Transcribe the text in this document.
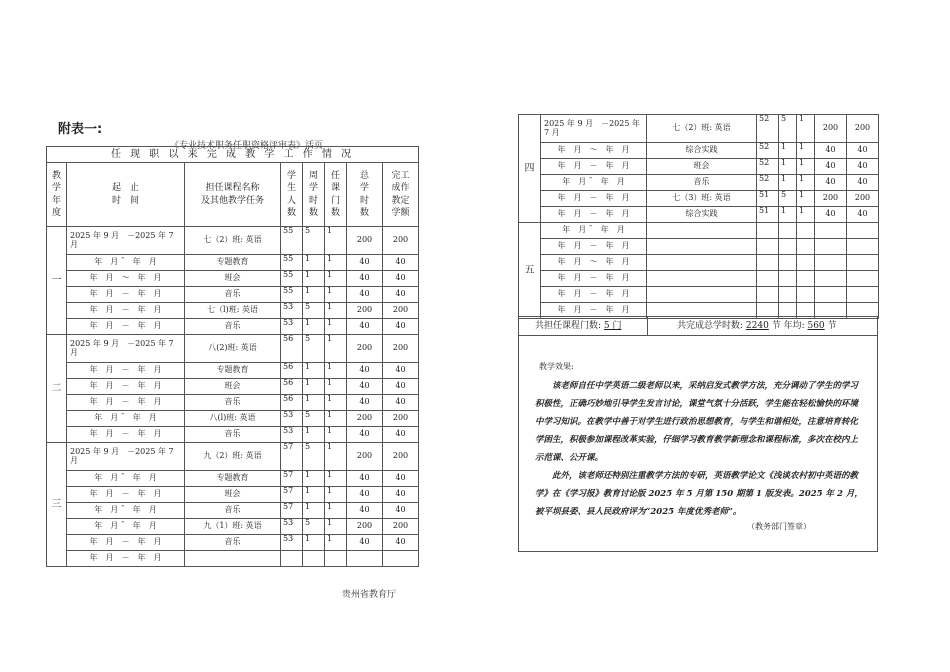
附表一:
《专业技术职务任职资格评审表》活页
任 现 职 以 来 完 成 教 学 工 作 情 况							
教
学
年
度	起　止
时　间	担任课程名称
及其他教学任务	学
生
人
数	周
学
时
数	任
课
门
数	总
学
时
数	完工
成作
教定
学额
一	2025 年 9 月　－2025 年 7 月	七（2）班: 英语	55	5	1	200	200
	年　月 ¯　年　月	专题教育	55	1	1	40	40
	年　月　～　年　月	班会	55	1	1	40	40
	年　月　－　年　月	音乐	55	1	1	40	40
	年　月　－　年　月	七（l)班: 英语	53	5	1	200	200
	年　月　－　年　月	音乐	53	1	1	40	40
二	2025 年 9 月　－2025 年 7 月	八(2)班: 英语	56	5	1	200	200
	年　月　－　年　月	专题教育	56	1	1	40	40
	年　月　－　年　月	班会	56	1	1	40	40
	年　月　－　年　月	音乐	56	1	1	40	40
	年　月 ¯　年　月	八(l)班: 英语	53	5	1	200	200
	年　月　－　年　月	音乐	53	1	1	40	40
三	2025 年 9 月　－2025 年 7 月	九（2）班: 英语	57	5	1	200	200
	年　月 ¯　年　月	专题教育	57	1	1	40	40
	年　月　－　年　月	班会	57	1	1	40	40
	年　月 ¯　年　月	音乐	57	1	1	40	40
	年　月 ¯　年　月	九（1）班: 英语	53	5	1	200	200
	年　月　－　年　月	音乐	53	1	1	40	40
	年　月　－　年　月						
贵州省教育厅
四	2025 年 9 月　－2025 年 7 月	七（2）班: 英语	52	5	1	200	200
	年　月　～　年　月	综合实践	52	1	1	40	40
	年　月　－　年　月	班会	52	1	1	40	40
	年　月 ¯　年　月	音乐	52	1	1	40	40
	年　月　－　年　月	七（3）班: 英语	51	5	1	200	200
	年　月　－　年　月	综合实践	51	1	1	40	40
五	年　月 ¯　年　月						
	年　月　－　年　月						
	年　月　～　年　月						
	年　月　－　年　月						
	年　月　－　年　月						
	年　月　－　年　月						
共担任课程门数: 5 门	共完成总学时数: 2240 节 年均: 560 节
教学效果:

该老师自任中学英语二级老师以来，采纳启发式教学方法，充分调动了学生的学习积极性，正确巧妙地引导学生发言讨论，课堂气氛十分活跃，学生能在轻松愉快的环境中学习知识。在教学中善于对学生进行政治思想教育，与学生和谐相处，注意培育转化学困生，积极参加课程改革实验，仔细学习教育教学新理念和课程标准，多次在校内上示范课、公开课。

此外，该老师还特别注重教学方法的专研，英语教学论文《浅谈农村初中英语的教学》在《学习报》教育讨论版 2025 年 5 月第 150 期第 1 版发表。2025 年 2 月，被平坝县委、县人民政府评为“2025 年度优秀老师”。

（教务部门签章）
